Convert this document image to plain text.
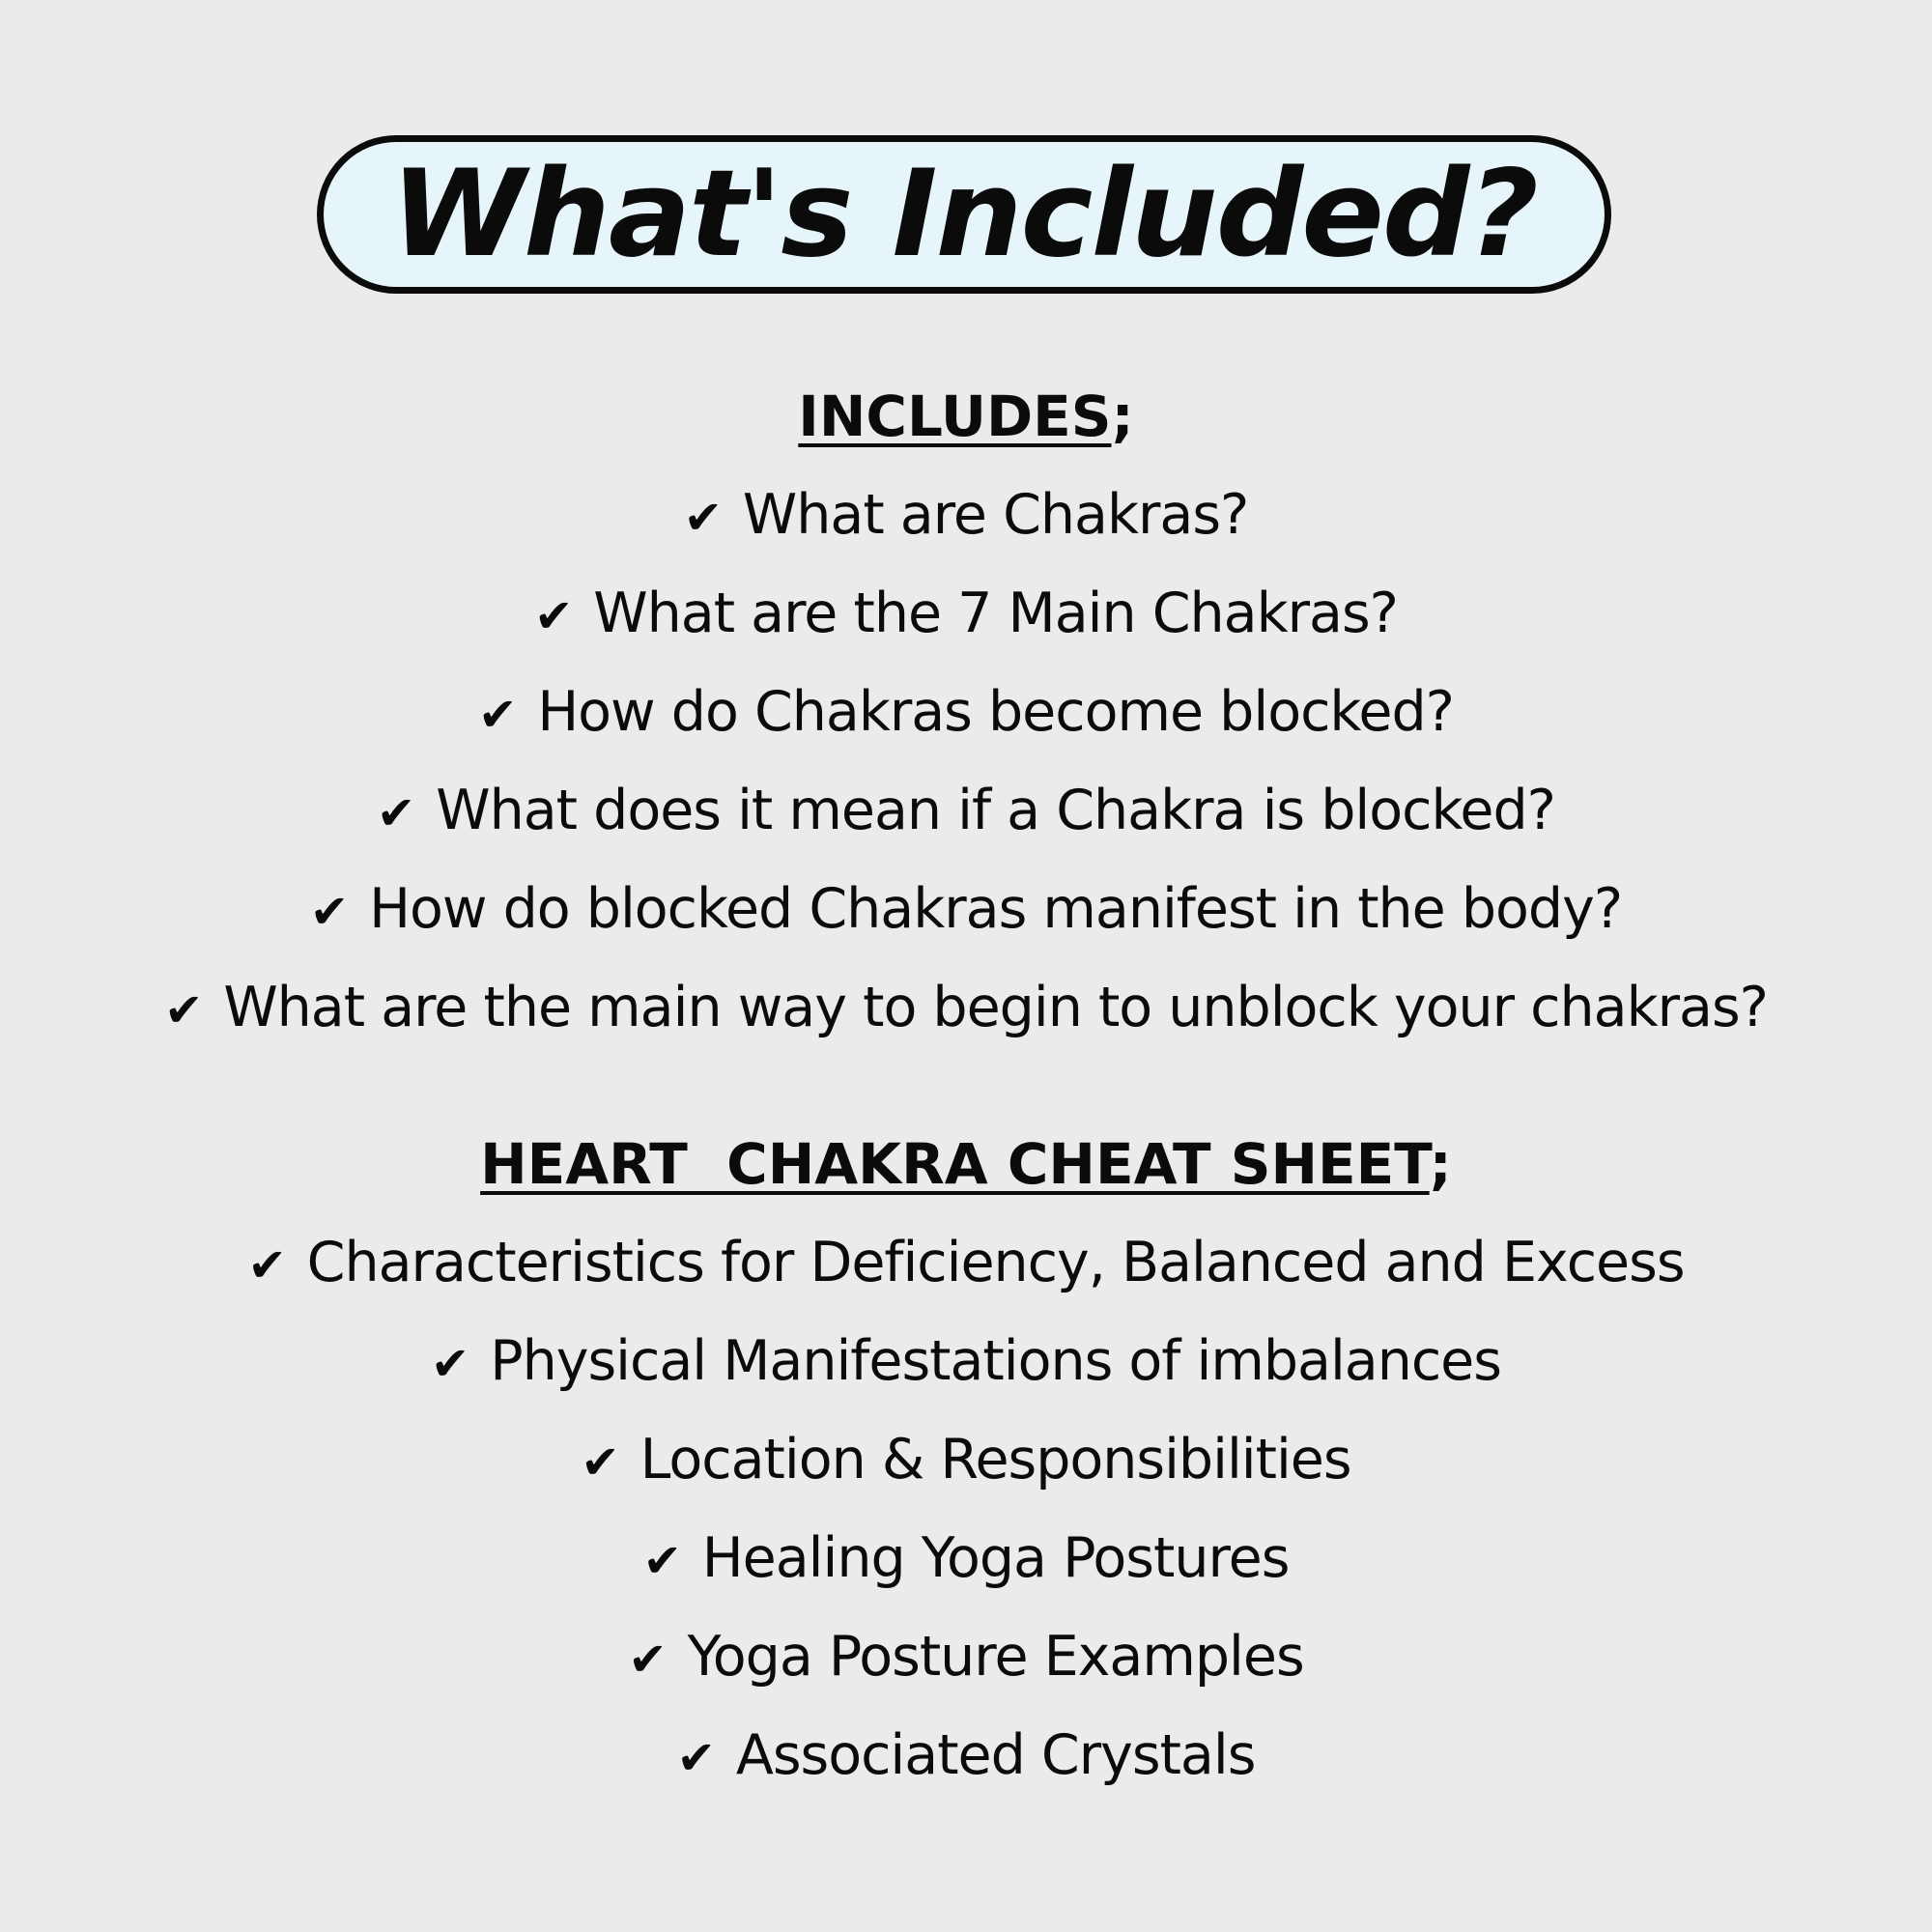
What's Included?
INCLUDES;
✔ What are Chakras?
✔ What are the 7 Main Chakras?
✔ How do Chakras become blocked?
✔ What does it mean if a Chakra is blocked?
✔ How do blocked Chakras manifest in the body?
✔ What are the main way to begin to unblock your chakras?
HEART  CHAKRA CHEAT SHEET;
✔ Characteristics for Deficiency, Balanced and Excess
✔ Physical Manifestations of imbalances
✔ Location & Responsibilities
✔ Healing Yoga Postures
✔ Yoga Posture Examples
✔ Associated Crystals
